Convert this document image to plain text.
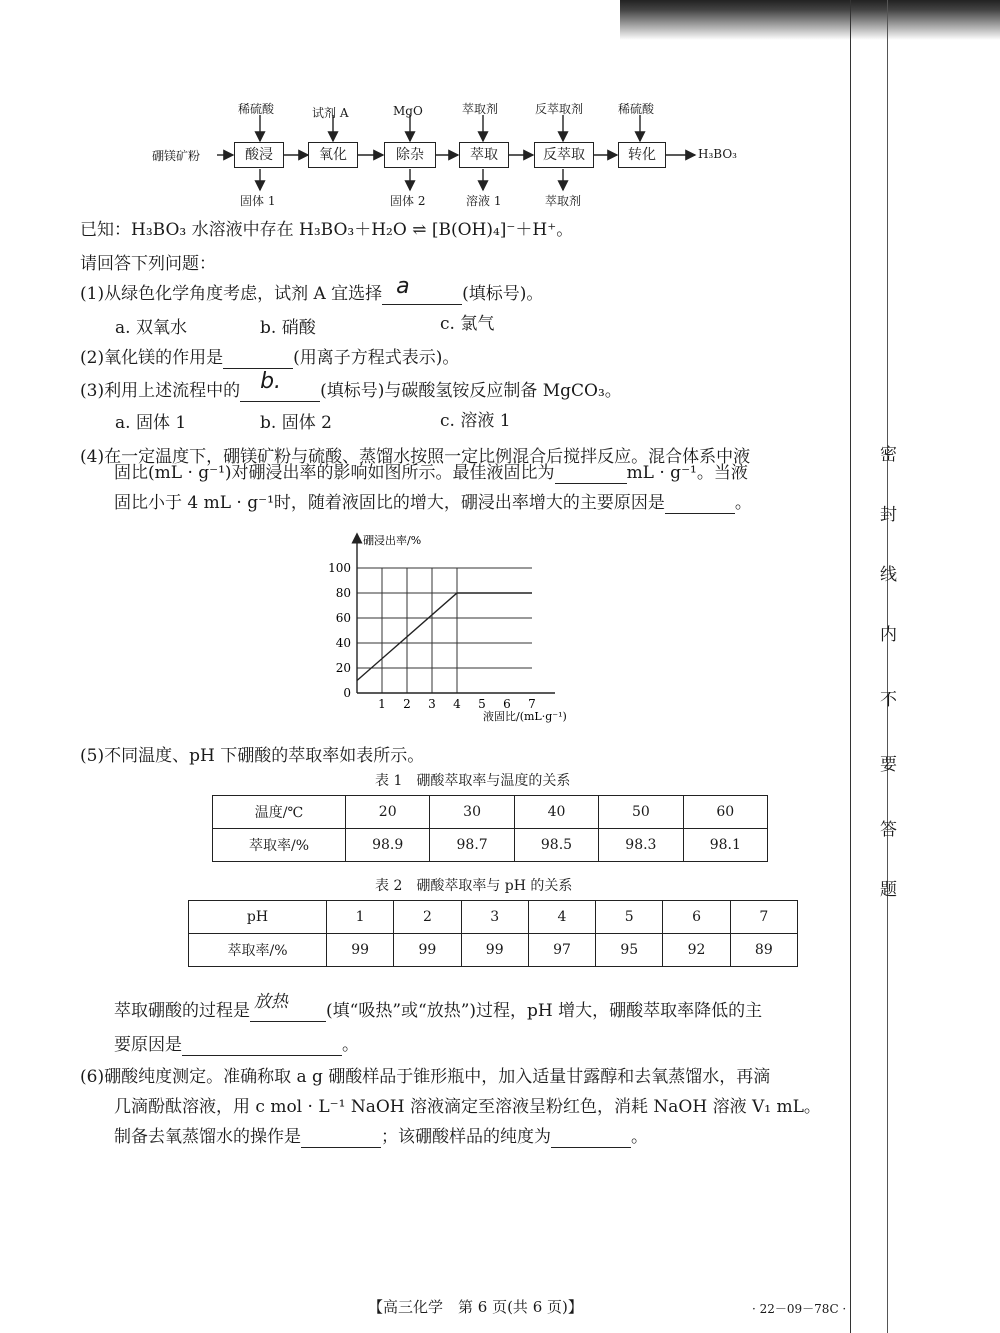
硼镁矿粉	酸浸	氧化	除杂	萃取	反萃取	转化	H₃BO₃
稀硫酸	试剂 A	MgO	萃取剂	反萃取剂	稀硫酸
固体 1	固体 2	溶液 1	萃取剂
已知：H₃BO₃ 水溶液中存在 H₃BO₃＋H₂O ⇌ [B(OH)₄]⁻＋H⁺。
请回答下列问题：
(1)从绿色化学角度考虑，试剂 A 宜选择 a	(填标号)。
a. 双氧水	b. 硝酸	c. 氯气
(2)氧化镁的作用是	(用离子方程式表示)。
(3)利用上述流程中的 b. (填标号)与碳酸氢铵反应制备 MgCO₃。
a. 固体 1	b. 固体 2	c. 溶液 1
(4)在一定温度下，硼镁矿粉与硫酸、蒸馏水按照一定比例混合后搅拌反应。混合体系中液
固比(mL · g⁻¹)对硼浸出率的影响如图所示。最佳液固比为	mL · g⁻¹。当液
固比小于 4 mL · g⁻¹时，随着液固比的增大，硼浸出率增大的主要原因是	。
0
20
40
60
80
100
1 2 3 4 5 6 7
硼浸出率/%
液固比/(mL·g⁻¹)
(5)不同温度、pH 下硼酸的萃取率如表所示。
表 1　硼酸萃取率与温度的关系
温度/℃	20	30	40	50	60
萃取率/%	98.9	98.7	98.5	98.3	98.1
表 2　硼酸萃取率与 pH 的关系
pH	1	2	3	4	5	6	7
萃取率/%	99	99	99	97	95	92	89
萃取硼酸的过程是 放热 (填“吸热”或“放热”)过程，pH 增大，硼酸萃取率降低的主
要原因是	。
(6)硼酸纯度测定。准确称取 a g 硼酸样品于锥形瓶中，加入适量甘露醇和去氧蒸馏水，再滴
几滴酚酞溶液，用 c mol · L⁻¹ NaOH 溶液滴定至溶液呈粉红色，消耗 NaOH 溶液 V₁ mL。
制备去氧蒸馏水的操作是	；该硼酸样品的纯度为	。
【高三化学　第 6 页(共 6 页)】	· 22－09－78C ·
密
封
线
内
不
要
答
题
